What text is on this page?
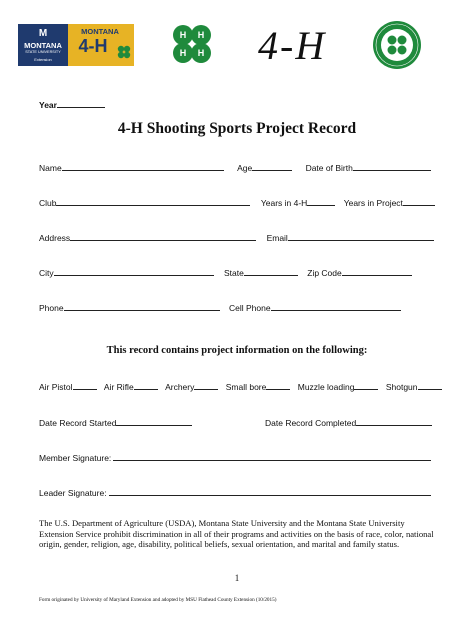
M
MONTANA
STATE UNIVERSITY
Extension
MONTANA
4-H
H H
H H 4-H
Year
4-H Shooting Sports Project Record
Name	Age	Date of Birth
Club	Years in 4-H	Years in Project
Address	Email
City	State	Zip Code
Phone	Cell Phone
This record contains project information on the following:
Air Pistol	Air Rifle	Archery	Small bore	Muzzle loading	Shotgun
Date Record Started	Date Record Completed
Member Signature:
Leader Signature:
The U.S. Department of Agriculture (USDA), Montana State University and the Montana State University Extension Service prohibit discrimination in all of their programs and activities on the basis of race, color, national origin, gender, religion, age, disability, political beliefs, sexual orientation, and marital and family status.
1
Form originated by University of Maryland Extension and adopted by MSU Flathead County Extension (10/2015)
